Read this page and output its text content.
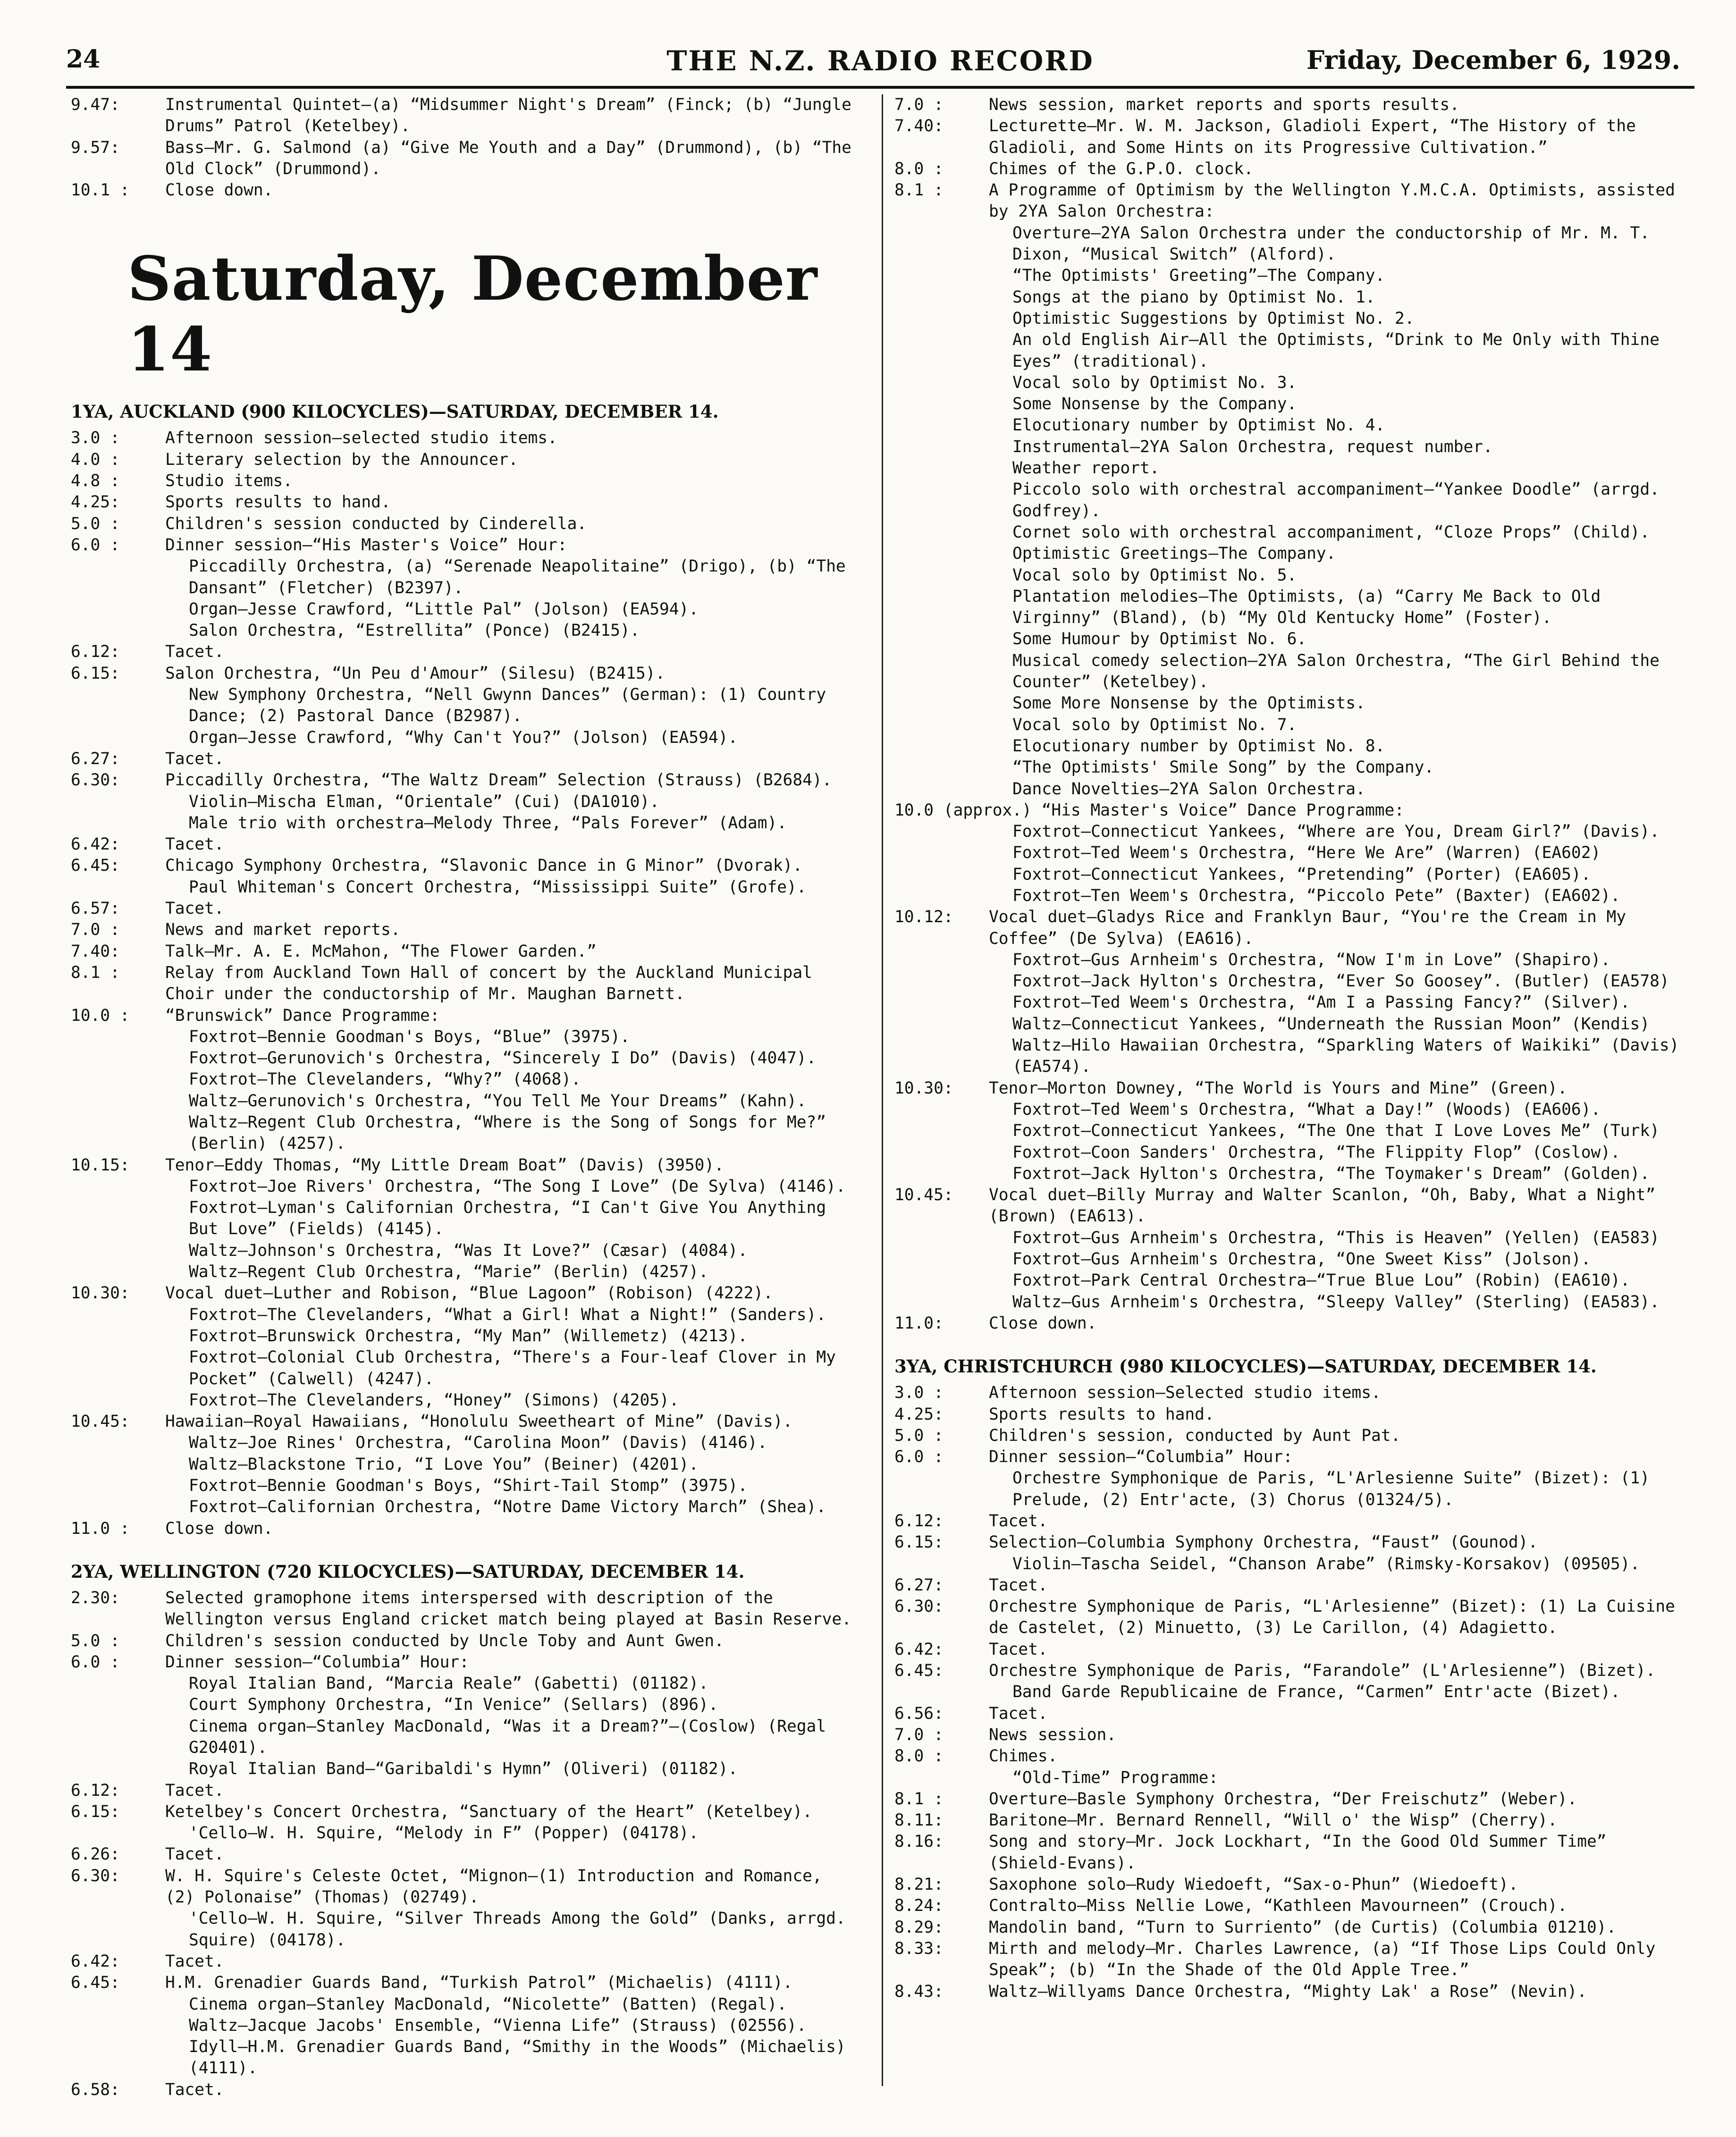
24	THE N.Z. RADIO RECORD	Friday, December 6, 1929.
9.47:	Instrumental Quintet—(a) “Midsummer Night's Dream” (Finck; (b) “Jungle Drums” Patrol (Ketelbey).
9.57:	Bass—Mr. G. Salmond (a) “Give Me Youth and a Day” (Drummond), (b) “The Old Clock” (Drummond).
10.1 :	Close down.
Saturday, December 14
1YA, AUCKLAND (900 KILOCYCLES)—SATURDAY, DECEMBER 14.
3.0 :	Afternoon session—selected studio items.
4.0 :	Literary selection by the Announcer.
4.8 :	Studio items.
4.25:	Sports results to hand.
5.0 :	Children's session conducted by Cinderella.
6.0 :	Dinner session—“His Master's Voice” Hour:
Piccadilly Orchestra, (a) “Serenade Neapolitaine” (Drigo), (b) “The Dansant” (Fletcher) (B2397).
Organ—Jesse Crawford, “Little Pal” (Jolson) (EA594).
Salon Orchestra, “Estrellita” (Ponce) (B2415).
6.12:	Tacet.
6.15:	Salon Orchestra, “Un Peu d'Amour” (Silesu) (B2415).
New Symphony Orchestra, “Nell Gwynn Dances” (German): (1) Country Dance; (2) Pastoral Dance (B2987).
Organ—Jesse Crawford, “Why Can't You?” (Jolson) (EA594).
6.27:	Tacet.
6.30:	Piccadilly Orchestra, “The Waltz Dream” Selection (Strauss) (B2684).
Violin—Mischa Elman, “Orientale” (Cui) (DA1010).
Male trio with orchestra—Melody Three, “Pals Forever” (Adam).
6.42:	Tacet.
6.45:	Chicago Symphony Orchestra, “Slavonic Dance in G Minor” (Dvorak).
Paul Whiteman's Concert Orchestra, “Mississippi Suite” (Grofe).
6.57:	Tacet.
7.0 :	News and market reports.
7.40:	Talk—Mr. A. E. McMahon, “The Flower Garden.”
8.1 :	Relay from Auckland Town Hall of concert by the Auckland Municipal Choir under the conductorship of Mr. Maughan Barnett.
10.0 :	“Brunswick” Dance Programme:
Foxtrot—Bennie Goodman's Boys, “Blue” (3975).
Foxtrot—Gerunovich's Orchestra, “Sincerely I Do” (Davis) (4047).
Foxtrot—The Clevelanders, “Why?” (4068).
Waltz—Gerunovich's Orchestra, “You Tell Me Your Dreams” (Kahn).
Waltz—Regent Club Orchestra, “Where is the Song of Songs for Me?” (Berlin) (4257).
10.15:	Tenor—Eddy Thomas, “My Little Dream Boat” (Davis) (3950).
Foxtrot—Joe Rivers' Orchestra, “The Song I Love” (De Sylva) (4146).
Foxtrot—Lyman's Californian Orchestra, “I Can't Give You Anything But Love” (Fields) (4145).
Waltz—Johnson's Orchestra, “Was It Love?” (Cæsar) (4084).
Waltz—Regent Club Orchestra, “Marie” (Berlin) (4257).
10.30:	Vocal duet—Luther and Robison, “Blue Lagoon” (Robison) (4222).
Foxtrot—The Clevelanders, “What a Girl! What a Night!” (Sanders).
Foxtrot—Brunswick Orchestra, “My Man” (Willemetz) (4213).
Foxtrot—Colonial Club Orchestra, “There's a Four-leaf Clover in My Pocket” (Calwell) (4247).
Foxtrot—The Clevelanders, “Honey” (Simons) (4205).
10.45:	Hawaiian—Royal Hawaiians, “Honolulu Sweetheart of Mine” (Davis).
Waltz—Joe Rines' Orchestra, “Carolina Moon” (Davis) (4146).
Waltz—Blackstone Trio, “I Love You” (Beiner) (4201).
Foxtrot—Bennie Goodman's Boys, “Shirt-Tail Stomp” (3975).
Foxtrot—Californian Orchestra, “Notre Dame Victory March” (Shea).
11.0 :	Close down.
2YA, WELLINGTON (720 KILOCYCLES)—SATURDAY, DECEMBER 14.
2.30:	Selected gramophone items interspersed with description of the Wellington versus England cricket match being played at Basin Reserve.
5.0 :	Children's session conducted by Uncle Toby and Aunt Gwen.
6.0 :	Dinner session—“Columbia” Hour:
Royal Italian Band, “Marcia Reale” (Gabetti) (01182).
Court Symphony Orchestra, “In Venice” (Sellars) (896).
Cinema organ—Stanley MacDonald, “Was it a Dream?”—(Coslow) (Regal G20401).
Royal Italian Band—“Garibaldi's Hymn” (Oliveri) (01182).
6.12:	Tacet.
6.15:	Ketelbey's Concert Orchestra, “Sanctuary of the Heart” (Ketelbey).
'Cello—W. H. Squire, “Melody in F” (Popper) (04178).
6.26:	Tacet.
6.30:	W. H. Squire's Celeste Octet, “Mignon—(1) Introduction and Romance, (2) Polonaise” (Thomas) (02749).
'Cello—W. H. Squire, “Silver Threads Among the Gold” (Danks, arrgd. Squire) (04178).
6.42:	Tacet.
6.45:	H.M. Grenadier Guards Band, “Turkish Patrol” (Michaelis) (4111).
Cinema organ—Stanley MacDonald, “Nicolette” (Batten) (Regal).
Waltz—Jacque Jacobs' Ensemble, “Vienna Life” (Strauss) (02556).
Idyll—H.M. Grenadier Guards Band, “Smithy in the Woods” (Michaelis) (4111).
6.58:	Tacet.
7.0 :	News session, market reports and sports results.
7.40:	Lecturette—Mr. W. M. Jackson, Gladioli Expert, “The History of the Gladioli, and Some Hints on its Progressive Cultivation.”
8.0 :	Chimes of the G.P.O. clock.
8.1 :	A Programme of Optimism by the Wellington Y.M.C.A. Optimists, assisted by 2YA Salon Orchestra:
Overture—2YA Salon Orchestra under the conductorship of Mr. M. T. Dixon, “Musical Switch” (Alford).
“The Optimists' Greeting”—The Company.
Songs at the piano by Optimist No. 1.
Optimistic Suggestions by Optimist No. 2.
An old English Air—All the Optimists, “Drink to Me Only with Thine Eyes” (traditional).
Vocal solo by Optimist No. 3.
Some Nonsense by the Company.
Elocutionary number by Optimist No. 4.
Instrumental—2YA Salon Orchestra, request number.
Weather report.
Piccolo solo with orchestral accompaniment—“Yankee Doodle” (arrgd. Godfrey).
Cornet solo with orchestral accompaniment, “Cloze Props” (Child).
Optimistic Greetings—The Company.
Vocal solo by Optimist No. 5.
Plantation melodies—The Optimists, (a) “Carry Me Back to Old Virginny” (Bland), (b) “My Old Kentucky Home” (Foster).
Some Humour by Optimist No. 6.
Musical comedy selection—2YA Salon Orchestra, “The Girl Behind the Counter” (Ketelbey).
Some More Nonsense by the Optimists.
Vocal solo by Optimist No. 7.
Elocutionary number by Optimist No. 8.
“The Optimists' Smile Song” by the Company.
Dance Novelties—2YA Salon Orchestra.
10.0 (approx.) “His Master's Voice” Dance Programme:
Foxtrot—Connecticut Yankees, “Where are You, Dream Girl?” (Davis).
Foxtrot—Ted Weem's Orchestra, “Here We Are” (Warren) (EA602)
Foxtrot—Connecticut Yankees, “Pretending” (Porter) (EA605).
Foxtrot—Ten Weem's Orchestra, “Piccolo Pete” (Baxter) (EA602).
10.12:	Vocal duet—Gladys Rice and Franklyn Baur, “You're the Cream in My Coffee” (De Sylva) (EA616).
Foxtrot—Gus Arnheim's Orchestra, “Now I'm in Love” (Shapiro).
Foxtrot—Jack Hylton's Orchestra, “Ever So Goosey”. (Butler) (EA578)
Foxtrot—Ted Weem's Orchestra, “Am I a Passing Fancy?” (Silver).
Waltz—Connecticut Yankees, “Underneath the Russian Moon” (Kendis)
Waltz—Hilo Hawaiian Orchestra, “Sparkling Waters of Waikiki” (Davis) (EA574).
10.30:	Tenor—Morton Downey, “The World is Yours and Mine” (Green).
Foxtrot—Ted Weem's Orchestra, “What a Day!” (Woods) (EA606).
Foxtrot—Connecticut Yankees, “The One that I Love Loves Me” (Turk)
Foxtrot—Coon Sanders' Orchestra, “The Flippity Flop” (Coslow).
Foxtrot—Jack Hylton's Orchestra, “The Toymaker's Dream” (Golden).
10.45:	Vocal duet—Billy Murray and Walter Scanlon, “Oh, Baby, What a Night” (Brown) (EA613).
Foxtrot—Gus Arnheim's Orchestra, “This is Heaven” (Yellen) (EA583)
Foxtrot—Gus Arnheim's Orchestra, “One Sweet Kiss” (Jolson).
Foxtrot—Park Central Orchestra—“True Blue Lou” (Robin) (EA610).
Waltz—Gus Arnheim's Orchestra, “Sleepy Valley” (Sterling) (EA583).
11.0:	Close down.
3YA, CHRISTCHURCH (980 KILOCYCLES)—SATURDAY, DECEMBER 14.
3.0 :	Afternoon session—Selected studio items.
4.25:	Sports results to hand.
5.0 :	Children's session, conducted by Aunt Pat.
6.0 :	Dinner session—“Columbia” Hour:
Orchestre Symphonique de Paris, “L'Arlesienne Suite” (Bizet): (1) Prelude, (2) Entr'acte, (3) Chorus (01324/5).
6.12:	Tacet.
6.15:	Selection—Columbia Symphony Orchestra, “Faust” (Gounod).
Violin—Tascha Seidel, “Chanson Arabe” (Rimsky-Korsakov) (09505).
6.27:	Tacet.
6.30:	Orchestre Symphonique de Paris, “L'Arlesienne” (Bizet): (1) La Cuisine de Castelet, (2) Minuetto, (3) Le Carillon, (4) Adagietto.
6.42:	Tacet.
6.45:	Orchestre Symphonique de Paris, “Farandole” (L'Arlesienne”) (Bizet).
Band Garde Republicaine de France, “Carmen” Entr'acte (Bizet).
6.56:	Tacet.
7.0 :	News session.
8.0 :	Chimes.
“Old-Time” Programme:
8.1 :	Overture—Basle Symphony Orchestra, “Der Freischutz” (Weber).
8.11:	Baritone—Mr. Bernard Rennell, “Will o' the Wisp” (Cherry).
8.16:	Song and story—Mr. Jock Lockhart, “In the Good Old Summer Time” (Shield-Evans).
8.21:	Saxophone solo—Rudy Wiedoeft, “Sax-o-Phun” (Wiedoeft).
8.24:	Contralto—Miss Nellie Lowe, “Kathleen Mavourneen” (Crouch).
8.29:	Mandolin band, “Turn to Surriento” (de Curtis) (Columbia 01210).
8.33:	Mirth and melody—Mr. Charles Lawrence, (a) “If Those Lips Could Only Speak”; (b) “In the Shade of the Old Apple Tree.”
8.43:	Waltz—Willyams Dance Orchestra, “Mighty Lak' a Rose” (Nevin).
